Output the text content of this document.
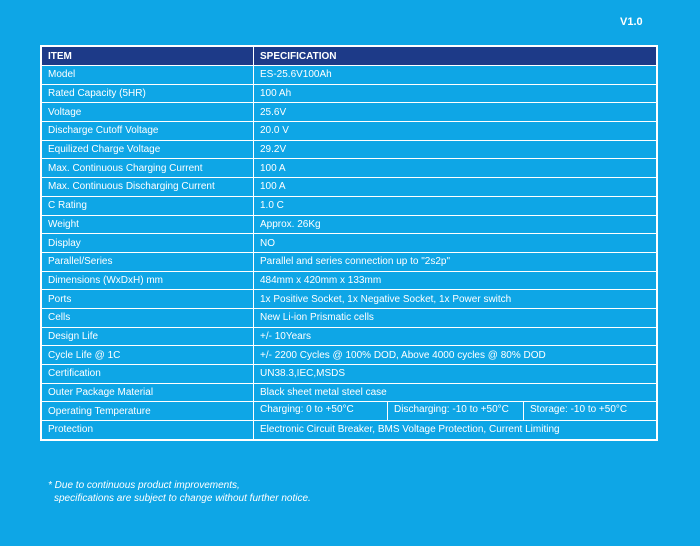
V1.0
ITEM	SPECIFICATION
Model	ES-25.6V100Ah
Rated Capacity (5HR)	100 Ah
Voltage	25.6V
Discharge Cutoff Voltage	20.0 V
Equilized Charge Voltage	29.2V
Max. Continuous Charging Current	100 A
Max. Continuous Discharging Current	100 A
C Rating	1.0 C
Weight	Approx. 26Kg
Display	NO
Parallel/Series	Parallel and series connection up to "2s2p"
Dimensions (WxDxH) mm	484mm x 420mm x 133mm
Ports	1x Positive Socket, 1x Negative Socket, 1x Power switch
Cells	New Li-ion Prismatic cells
Design Life	+/- 10Years
Cycle Life @ 1C	+/- 2200 Cycles @ 100% DOD, Above 4000 cycles @ 80% DOD
Certification	UN38.3,IEC,MSDS
Outer Package Material	Black sheet metal steel case
Operating Temperature	Charging: 0 to +50°C Discharging: -10 to +50°C Storage: -10 to +50°C

Protection	Electronic Circuit Breaker, BMS Voltage Protection, Current Limiting
* Due to continuous product improvements,
specifications are subject to change without further notice.
